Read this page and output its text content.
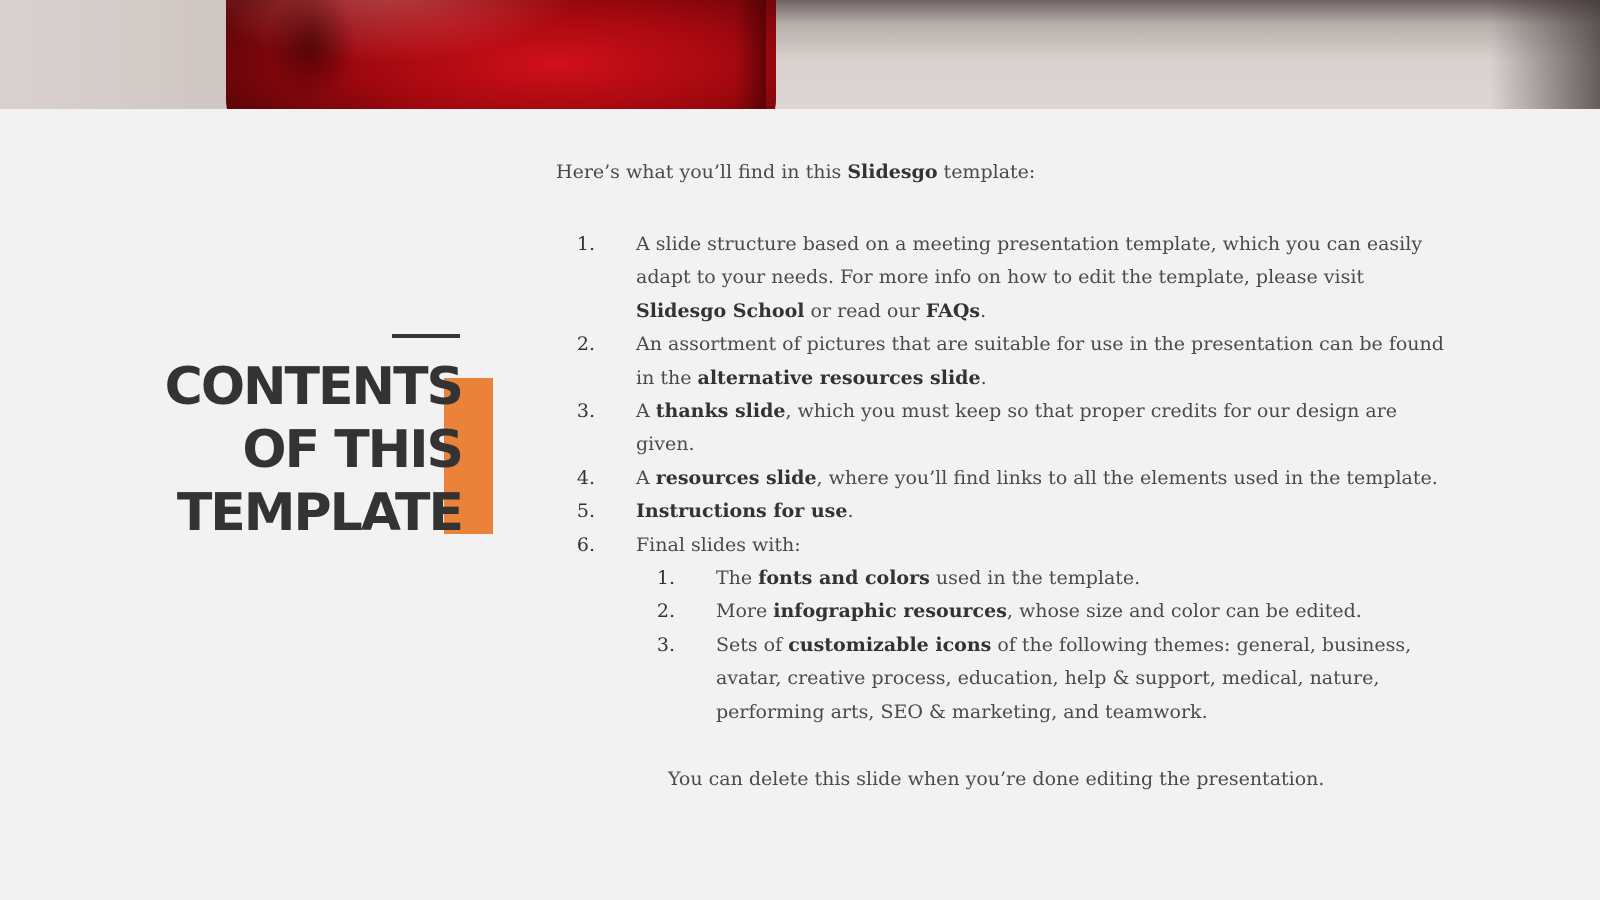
CONTENTS
OF THIS
TEMPLATE

Here’s what you’ll find in this Slidesgo template:

1. A slide structure based on a meeting presentation template, which you can easily adapt to your needs. For more info on how to edit the template, please visit Slidesgo School or read our FAQs.
2. An assortment of pictures that are suitable for use in the presentation can be found in the alternative resources slide.
3. A thanks slide, which you must keep so that proper credits for our design are given.
4. A resources slide, where you’ll find links to all the elements used in the template.
5. Instructions for use.
6. Final slides with:
1.	The fonts and colors used in the template.
2.	More infographic resources, whose size and color can be edited.
3.	Sets of customizable icons of the following themes: general, business, avatar, creative process, education, help & support, medical, nature, performing arts, SEO & marketing, and teamwork.

You can delete this slide when you’re done editing the presentation.
